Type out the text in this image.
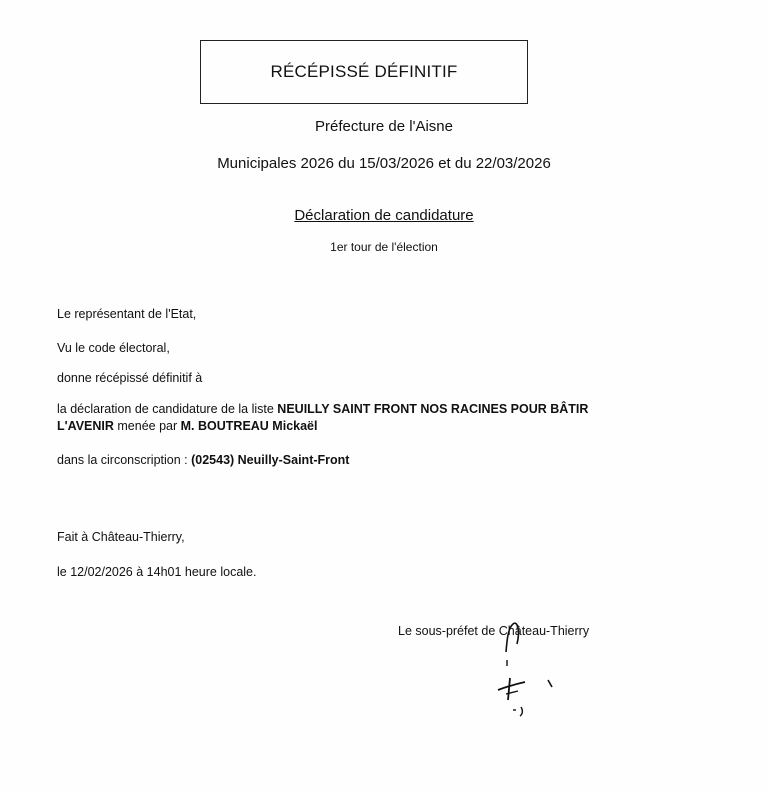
RÉCÉPISSÉ DÉFINITIF
Préfecture de l'Aisne
Municipales 2026 du 15/03/2026 et du 22/03/2026
Déclaration de candidature
1er tour de l'élection
Le représentant de l'Etat,
Vu le code électoral,
donne récépissé définitif à
la déclaration de candidature de la liste NEUILLY SAINT FRONT NOS RACINES POUR BÂTIR
L'AVENIR menée par M. BOUTREAU Mickaël
dans la circonscription : (02543) Neuilly-Saint-Front
Fait à Château-Thierry,
le 12/02/2026 à 14h01 heure locale.
Le sous-préfet de Château-Thierry
